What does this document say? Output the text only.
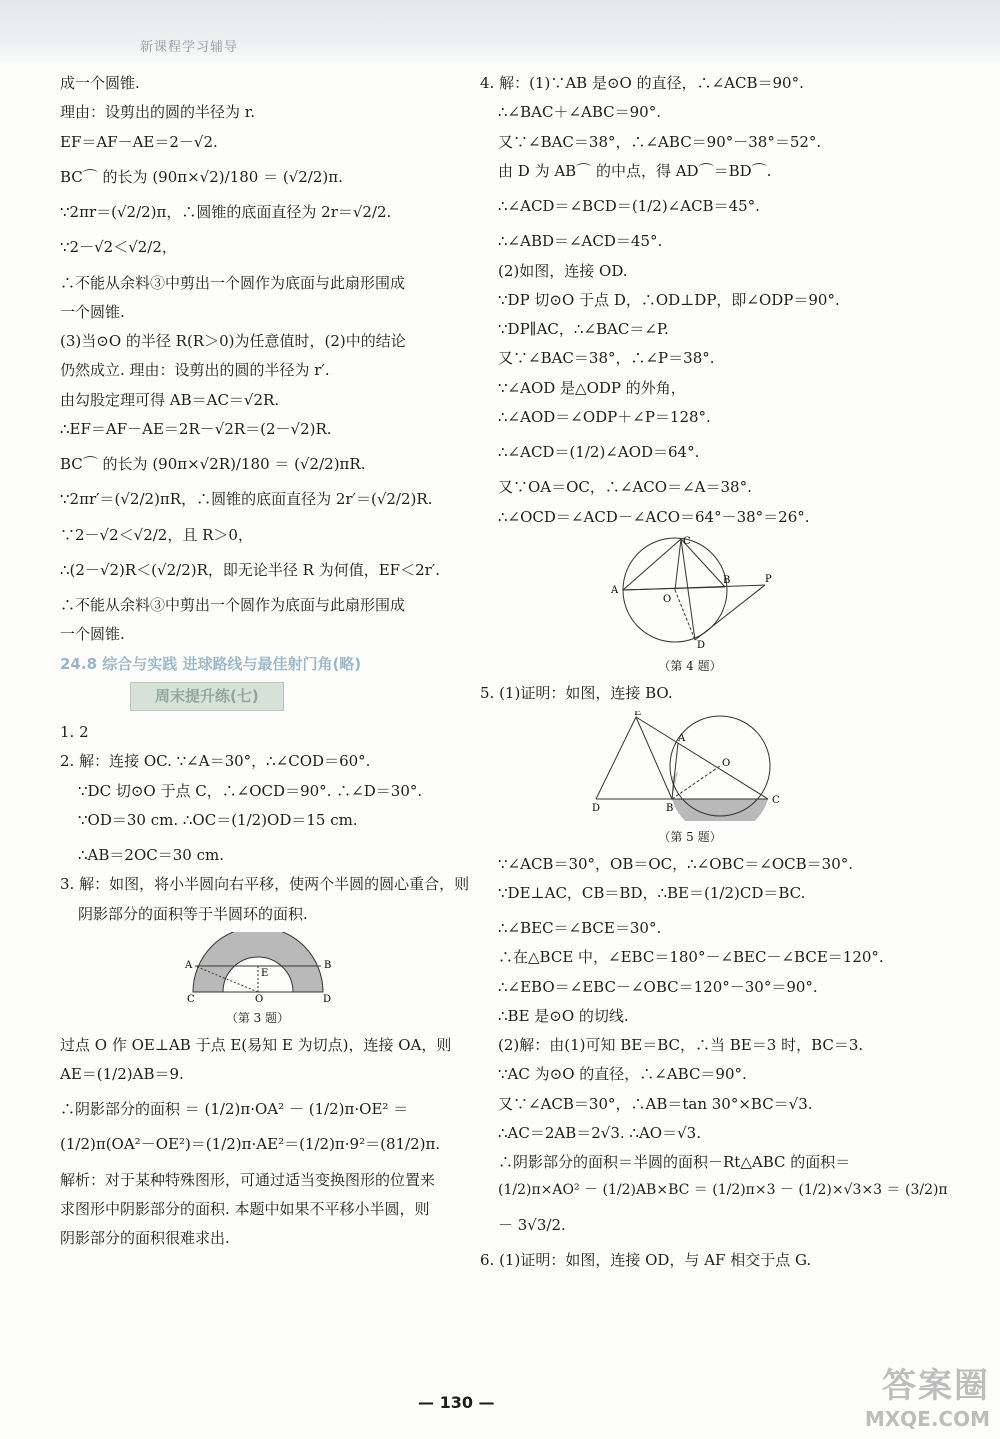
新课程学习辅导
成一个圆锥.
理由：设剪出的圆的半径为 r.
EF＝AF－AE＝2－√2.
BC⌒ 的长为 (90π×√2)/180 ＝ (√2/2)π.
∵2πr＝(√2/2)π，∴圆锥的底面直径为 2r＝√2/2.
∵2－√2＜√2/2，
∴不能从余料③中剪出一个圆作为底面与此扇形围成
一个圆锥.
(3)当⊙O 的半径 R(R＞0)为任意值时，(2)中的结论
仍然成立. 理由：设剪出的圆的半径为 r′.
由勾股定理可得 AB＝AC＝√2R.
∴EF＝AF－AE＝2R－√2R＝(2－√2)R.
BC⌒ 的长为 (90π×√2R)/180 ＝ (√2/2)πR.
∵2πr′＝(√2/2)πR，∴圆锥的底面直径为 2r′＝(√2/2)R.
∵2－√2＜√2/2，且 R＞0，
∴(2－√2)R＜(√2/2)R，即无论半径 R 为何值，EF＜2r′.
∴不能从余料③中剪出一个圆作为底面与此扇形围成
一个圆锥.
24.8 综合与实践 进球路线与最佳射门角(略)
周末提升练(七)
1. 2
2. 解：连接 OC. ∵∠A＝30°，∴∠COD＝60°.
∵DC 切⊙O 于点 C，∴∠OCD＝90°. ∴∠D＝30°.
∵OD＝30 cm. ∴OC＝(1/2)OD＝15 cm.
∴AB＝2OC＝30 cm.
3. 解：如图，将小半圆向右平移，使两个半圆的圆心重合，则
阴影部分的面积等于半圆环的面积.
A	B
C	D
E
O
（第 3 题）
过点 O 作 OE⊥AB 于点 E(易知 E 为切点)，连接 OA，则
AE＝(1/2)AB＝9.
∴阴影部分的面积 ＝ (1/2)π·OA² － (1/2)π·OE² ＝
(1/2)π(OA²－OE²)＝(1/2)π·AE²＝(1/2)π·9²＝(81/2)π.
解析：对于某种特殊图形，可通过适当变换图形的位置来
求图形中阴影部分的面积. 本题中如果不平移小半圆，则
阴影部分的面积很难求出.
4. 解：(1)∵AB 是⊙O 的直径，∴∠ACB＝90°.
∴∠BAC＋∠ABC＝90°.
又∵∠BAC＝38°，∴∠ABC＝90°－38°＝52°.
由 D 为 AB⌒ 的中点，得 AD⌒＝BD⌒.
∴∠ACD＝∠BCD＝(1/2)∠ACB＝45°.
∴∠ABD＝∠ACD＝45°.
(2)如图，连接 OD.
∵DP 切⊙O 于点 D，∴OD⊥DP，即∠ODP＝90°.
∵DP∥AC，∴∠BAC＝∠P.
又∵∠BAC＝38°，∴∠P＝38°.
∵∠AOD 是△ODP 的外角，
∴∠AOD＝∠ODP＋∠P＝128°.
∴∠ACD＝(1/2)∠AOD＝64°.
又∵OA＝OC，∴∠ACO＝∠A＝38°.
∴∠OCD＝∠ACD－∠ACO＝64°－38°＝26°.
A
B
C
D
O
P
（第 4 题）
5. (1)证明：如图，连接 BO.
E
A
O
D	B
C
（第 5 题）
∵∠ACB＝30°，OB＝OC，∴∠OBC＝∠OCB＝30°.
∵DE⊥AC，CB＝BD，∴BE＝(1/2)CD＝BC.
∴∠BEC＝∠BCE＝30°.
∴在△BCE 中，∠EBC＝180°－∠BEC－∠BCE＝120°.
∴∠EBO＝∠EBC－∠OBC＝120°－30°＝90°.
∴BE 是⊙O 的切线.
(2)解：由(1)可知 BE＝BC，∴当 BE＝3 时，BC＝3.
∵AC 为⊙O 的直径，∴∠ABC＝90°.
又∵∠ACB＝30°，∴AB＝tan 30°×BC＝√3.
∴AC＝2AB＝2√3. ∴AO＝√3.
∴阴影部分的面积＝半圆的面积－Rt△ABC 的面积＝
(1/2)π×AO² － (1/2)AB×BC ＝ (1/2)π×3 － (1/2)×√3×3 ＝ (3/2)π
－ 3√3/2.
6. (1)证明：如图，连接 OD，与 AF 相交于点 G.
— 130 —	答案圈
MXQE.COM
